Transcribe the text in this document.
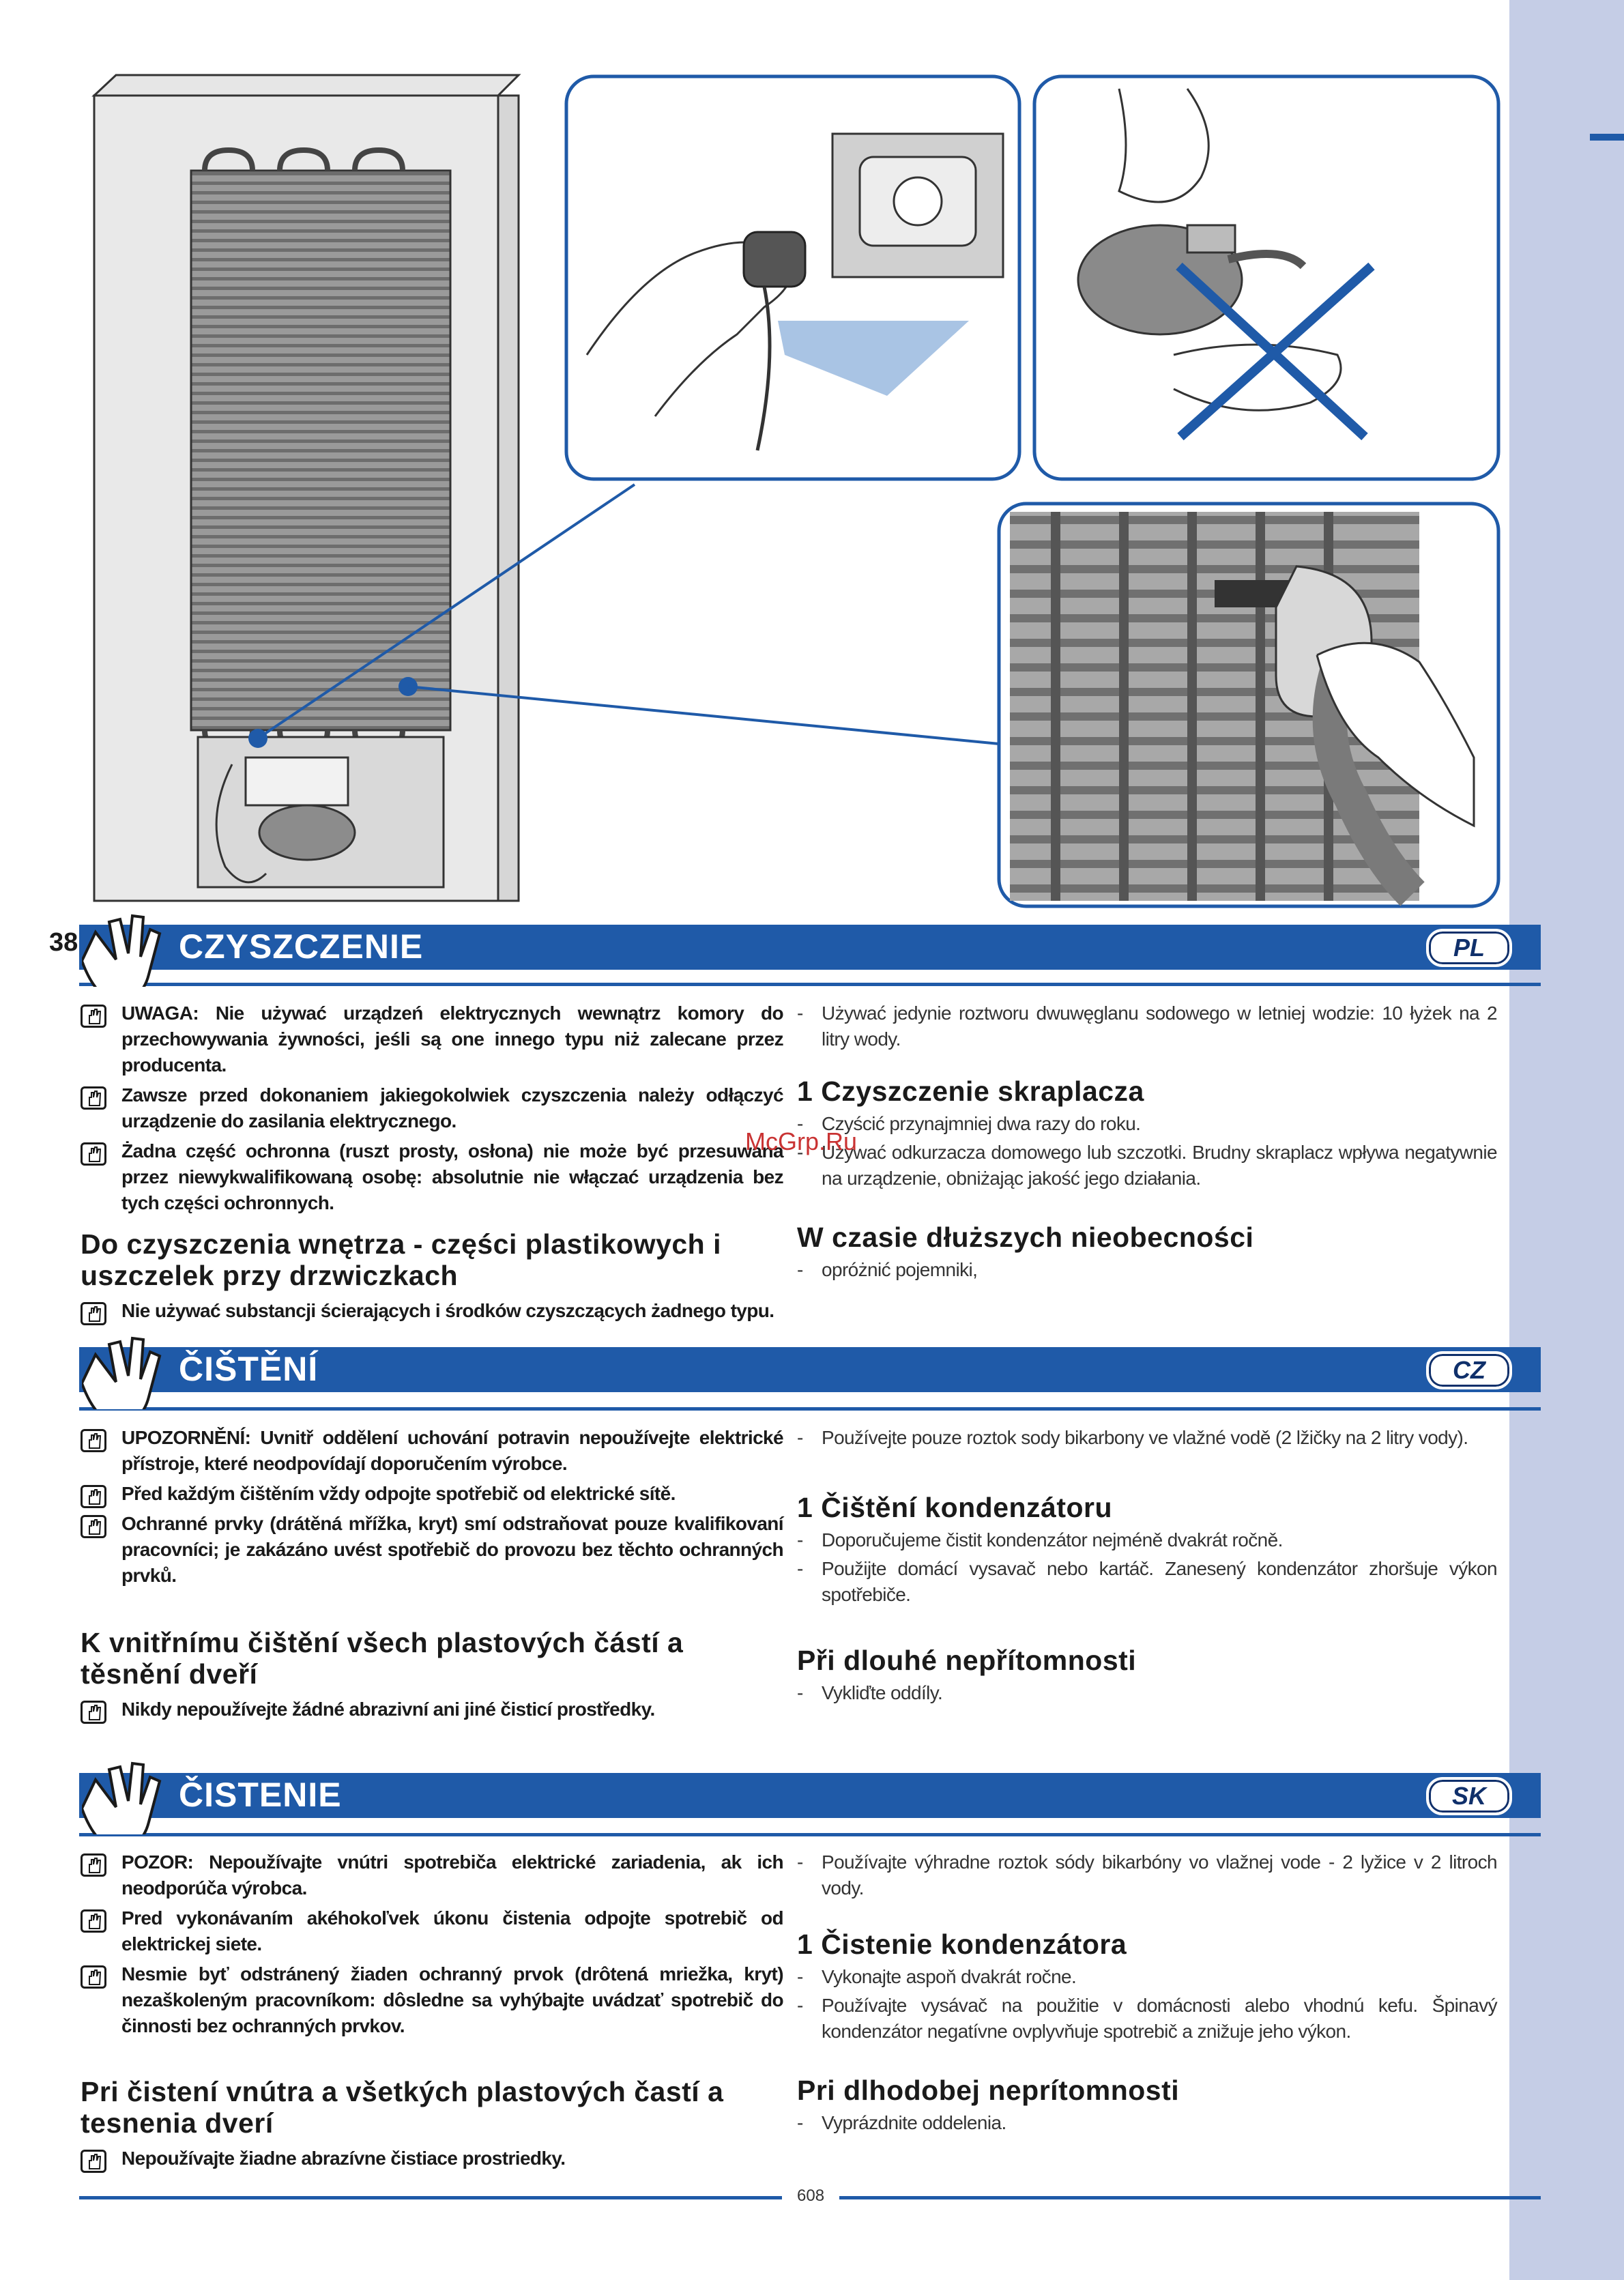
38	CZYSZCZENIE	PL
UWAGA: Nie używać urządzeń elektrycznych wewnątrz komory do przechowywania żywności, jeśli są one innego typu niż zalecane przez producenta.
Zawsze przed dokonaniem jakiegokolwiek czyszczenia należy odłączyć urządzenie do zasilania elektrycznego.
Żadna część ochronna (ruszt prosty, osłona) nie może być przesuwana przez niewykwalifikowaną osobę: absolutnie nie włączać urządzenia bez tych części ochronnych.
Do czyszczenia wnętrza - części plastikowych i uszczelek przy drzwiczkach
Nie używać substancji ścierających i środków czyszczących żadnego typu.
- Używać jedynie roztworu dwuwęglanu sodowego w letniej wodzie: 10 łyżek na 2 litry wody.
1 Czyszczenie skraplacza
- Czyścić przynajmniej dwa razy do roku.
- Używać odkurzacza domowego lub szczotki. Brudny skraplacz wpływa negatywnie na urządzenie, obniżając jakość jego działania.
W czasie dłuższych nieobecności
- opróżnić pojemniki,
McGrp.Ru
ČIŠTĚNÍ	CZ
UPOZORNĚNÍ: Uvnitř oddělení uchování potravin nepoužívejte elektrické přístroje, které neodpovídají doporučením výrobce.
Před každým čištěním vždy odpojte spotřebič od elektrické sítě.
Ochranné prvky (drátěná mřížka, kryt) smí odstraňovat pouze kvalifikovaní pracovníci; je zakázáno uvést spotřebič do provozu bez těchto ochranných prvků.
K vnitřnímu čištění všech plastových částí a těsnění dveří
Nikdy nepoužívejte žádné abrazivní ani jiné čisticí prostředky.
- Používejte pouze roztok sody bikarbony ve vlažné vodě (2 lžičky na 2 litry vody).
1 Čištění kondenzátoru
- Doporučujeme čistit kondenzátor nejméně dvakrát ročně.
- Použijte domácí vysavač nebo kartáč. Zanesený kondenzátor zhoršuje výkon spotřebiče.
Při dlouhé nepřítomnosti
- Vykliďte oddíly.
ČISTENIE	SK
POZOR: Nepoužívajte vnútri spotrebiča elektrické zariadenia, ak ich neodporúča výrobca.
Pred vykonávaním akéhokoľvek úkonu čistenia odpojte spotrebič od elektrickej siete.
Nesmie byť odstránený žiaden ochranný prvok (drôtená mriežka, kryt) nezaškoleným pracovníkom: dôsledne sa vyhýbajte uvádzať spotrebič do činnosti bez ochranných prvkov.
Pri čistení vnútra a všetkých plastových častí a tesnenia dverí
Nepoužívajte žiadne abrazívne čistiace prostriedky.
- Používajte výhradne roztok sódy bikarbóny vo vlažnej vode - 2 lyžice v 2 litroch vody.
1 Čistenie kondenzátora
- Vykonajte aspoň dvakrát ročne.
- Používajte vysávač na použitie v domácnosti alebo vhodnú kefu. Špinavý kondenzátor negatívne ovplyvňuje spotrebič a znižuje jeho výkon.
Pri dlhodobej neprítomnosti
- Vyprázdnite oddelenia.
608
